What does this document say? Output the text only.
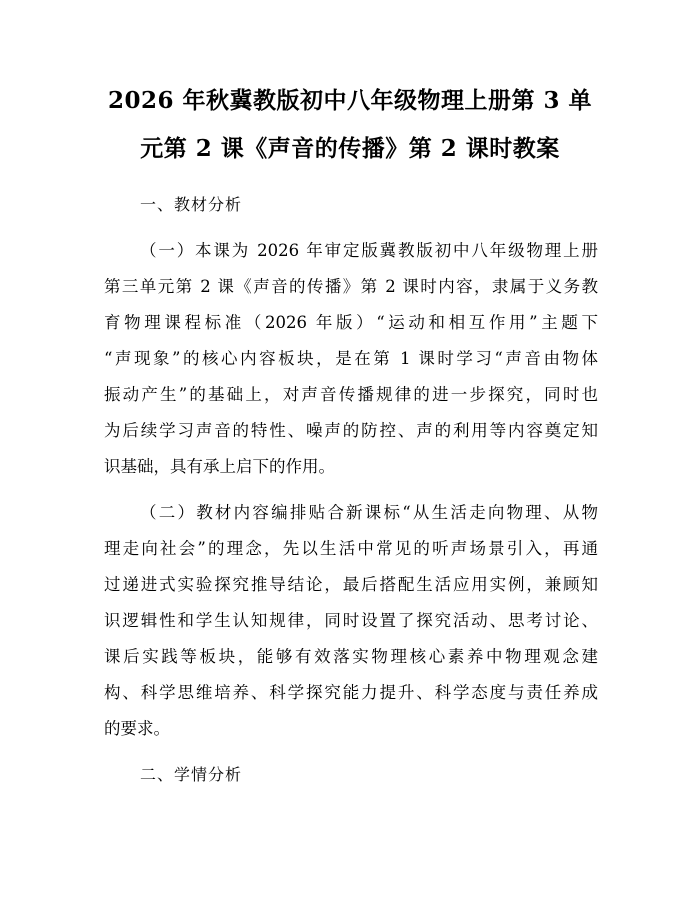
2026 年秋冀教版初中八年级物理上册第 3 单
元第 2 课《声音的传播》第 2 课时教案
一、教材分析
（一）本课为 2026 年审定版冀教版初中八年级物理上册
第三单元第 2 课《声音的传播》第 2 课时内容，隶属于义务教
育物理课程标准（2026 年版）“运动和相互作用”主题下
“声现象”的核心内容板块，是在第 1 课时学习“声音由物体
振动产生”的基础上，对声音传播规律的进一步探究，同时也
为后续学习声音的特性、噪声的防控、声的利用等内容奠定知
识基础，具有承上启下的作用。
（二）教材内容编排贴合新课标“从生活走向物理、从物
理走向社会”的理念，先以生活中常见的听声场景引入，再通
过递进式实验探究推导结论，最后搭配生活应用实例，兼顾知
识逻辑性和学生认知规律，同时设置了探究活动、思考讨论、
课后实践等板块，能够有效落实物理核心素养中物理观念建
构、科学思维培养、科学探究能力提升、科学态度与责任养成
的要求。
二、学情分析
